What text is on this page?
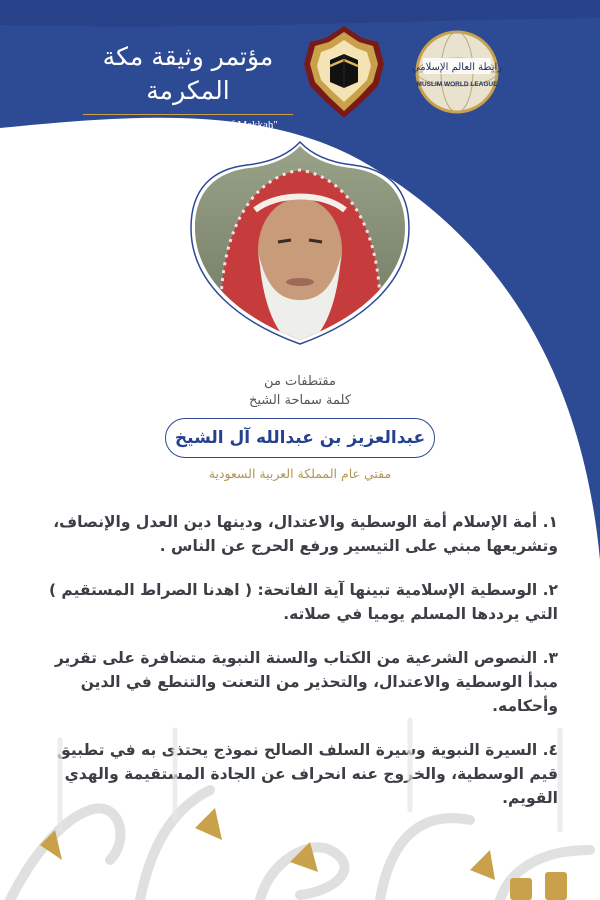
مؤتمر وثيقة مكة المكرمة
Conference on "The Charter of Makkah"
رابطة العالم الإسلامي
MUSLIM WORLD LEAGUE
مقتطفات من
كلمة سماحة الشيخ
عبدالعزيز بن عبدالله آل الشيخ
مفتي عام المملكة العربية السعودية

١. أمة الإسلام أمة الوسطية والاعتدال، ودينها دين العدل والإنصاف، وتشريعها مبني على التيسير ورفع الحرج عن الناس .

٢. الوسطية الإسلامية تبينها آية الفاتحة: ( اهدنا الصراط المستقيم ) التي يرددها المسلم يوميا في صلاته.

٣. النصوص الشرعية من الكتاب والسنة النبوية متضافرة على تقرير مبدأ الوسطية والاعتدال، والتحذير من التعنت والتنطع في الدين وأحكامه.

٤. السيرة النبوية وسيرة السلف الصالح نموذج يحتذى به في تطبيق قيم الوسطية، والخروج عنه انحراف عن الجادة المستقيمة والهدي القويم.
